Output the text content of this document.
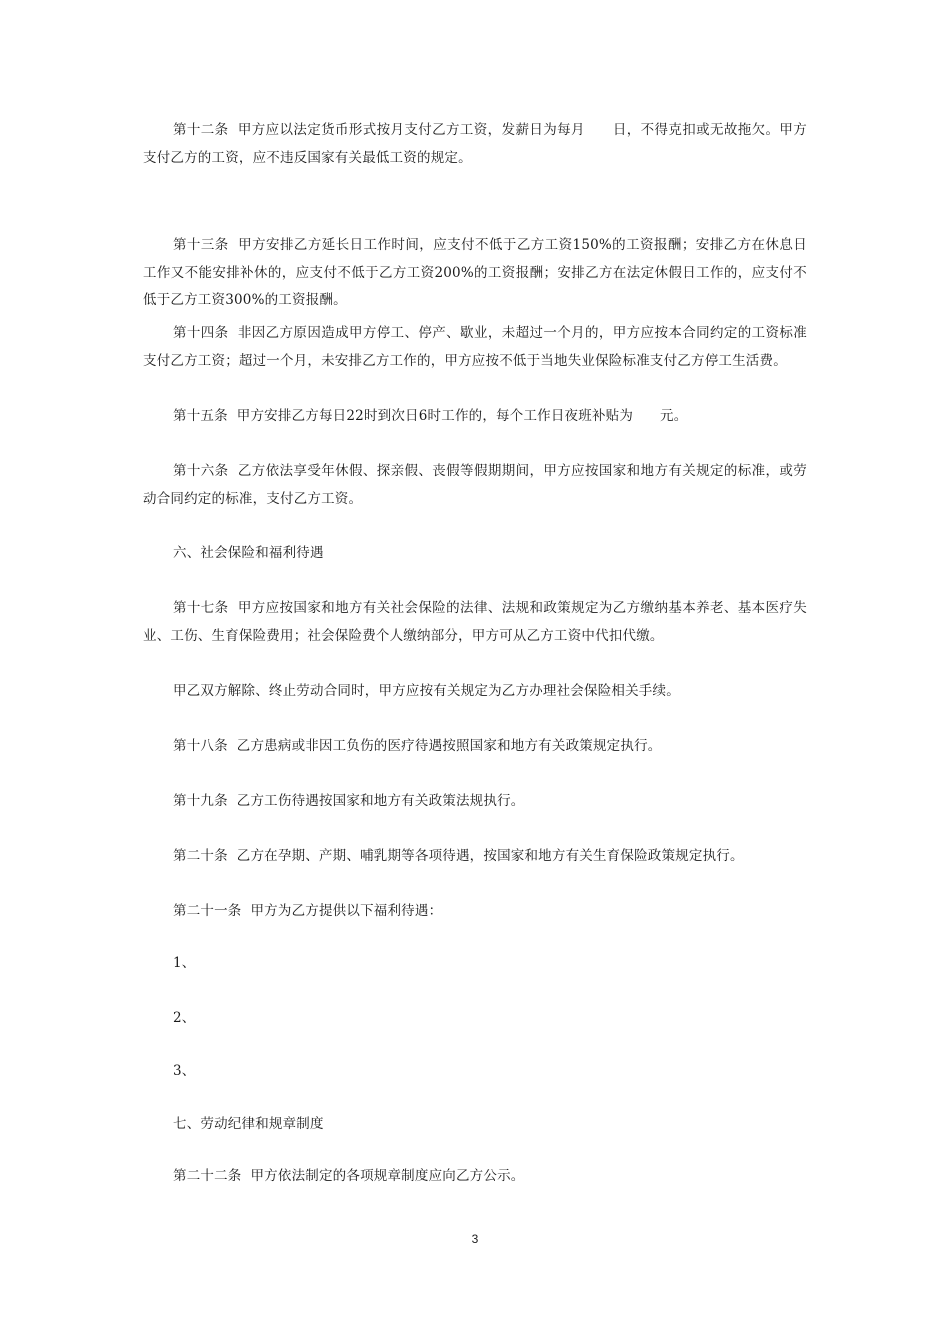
第十二条  甲方应以法定货币形式按月支付乙方工资，发薪日为每月      日，不得克扣或无故拖欠。甲方支付乙方的工资，应不违反国家有关最低工资的规定。

第十三条  甲方安排乙方延长日工作时间，应支付不低于乙方工资150%的工资报酬；安排乙方在休息日工作又不能安排补休的，应支付不低于乙方工资200%的工资报酬；安排乙方在法定休假日工作的，应支付不低于乙方工资300%的工资报酬。

第十四条  非因乙方原因造成甲方停工、停产、歇业，未超过一个月的，甲方应按本合同约定的工资标准支付乙方工资；超过一个月，未安排乙方工作的，甲方应按不低于当地失业保险标准支付乙方停工生活费。

第十五条  甲方安排乙方每日22时到次日6时工作的，每个工作日夜班补贴为      元。

第十六条  乙方依法享受年休假、探亲假、丧假等假期期间，甲方应按国家和地方有关规定的标准，或劳动合同约定的标准，支付乙方工资。

六、社会保险和福利待遇

第十七条  甲方应按国家和地方有关社会保险的法律、法规和政策规定为乙方缴纳基本养老、基本医疗失业、工伤、生育保险费用；社会保险费个人缴纳部分，甲方可从乙方工资中代扣代缴。

甲乙双方解除、终止劳动合同时，甲方应按有关规定为乙方办理社会保险相关手续。

第十八条  乙方患病或非因工负伤的医疗待遇按照国家和地方有关政策规定执行。

第十九条  乙方工伤待遇按国家和地方有关政策法规执行。

第二十条  乙方在孕期、产期、哺乳期等各项待遇，按国家和地方有关生育保险政策规定执行。

第二十一条  甲方为乙方提供以下福利待遇：

1、

2、

3、

七、劳动纪律和规章制度

第二十二条  甲方依法制定的各项规章制度应向乙方公示。

3
